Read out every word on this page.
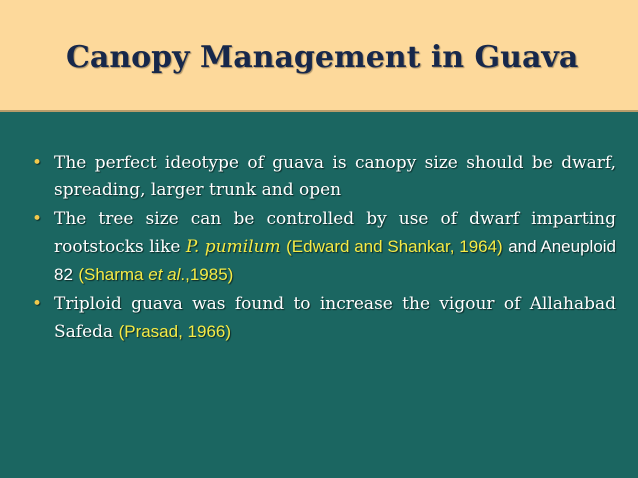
Canopy Management in Guava
• The perfect ideotype of guava is canopy size should be dwarf, spreading, larger trunk and open
• The tree size can be controlled by use of dwarf imparting rootstocks like P. pumilum (Edward and Shankar, 1964) and Aneuploid 82 (Sharma et al.,1985)
• Triploid guava was found to increase the vigour of Allahabad Safeda (Prasad, 1966)
